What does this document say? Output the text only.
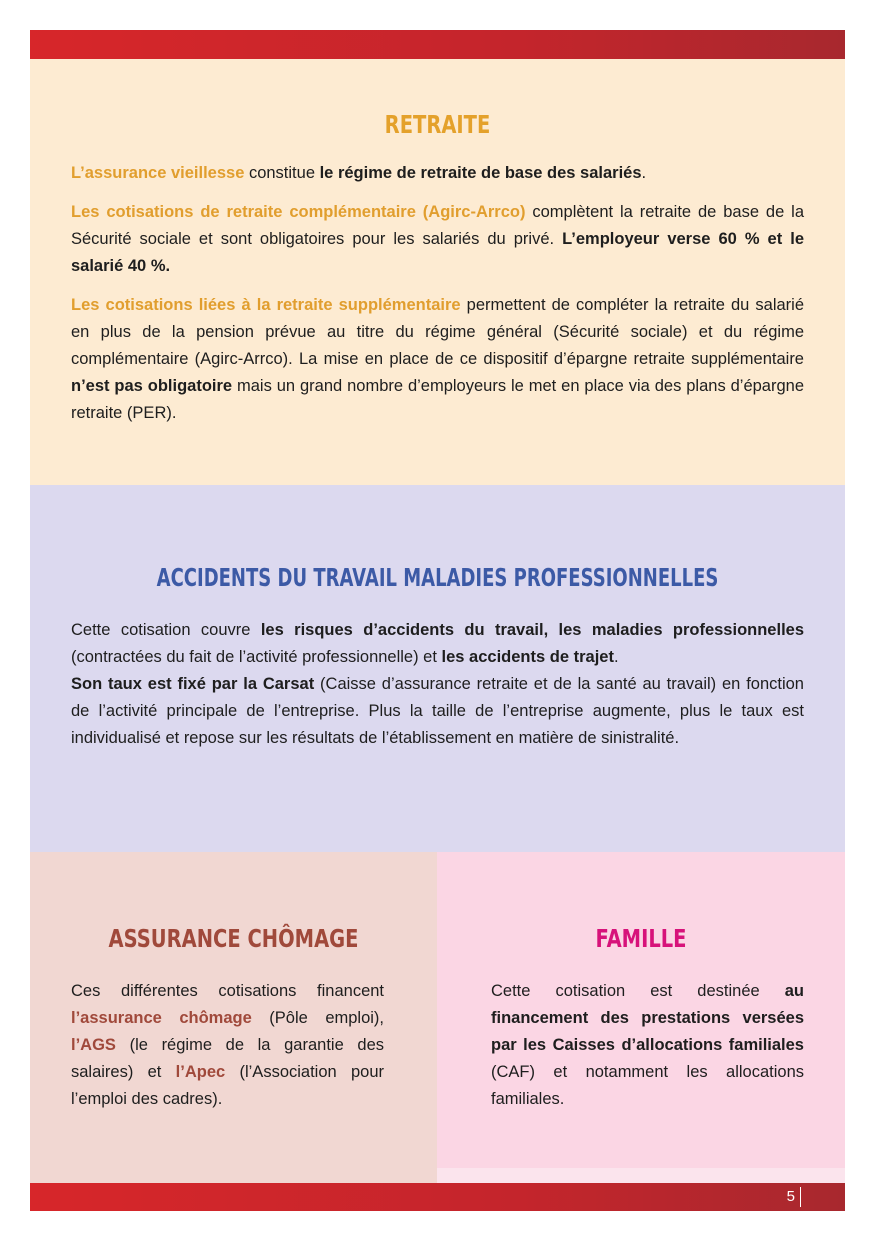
RETRAITE

L’assurance vieillesse constitue le régime de retraite de base des salariés.

Les cotisations de retraite complémentaire (Agirc-Arrco) complètent la retraite de base de la Sécurité sociale et sont obligatoires pour les salariés du privé. L’employeur verse 60 % et le salarié 40 %.

Les cotisations liées à la retraite supplémentaire permettent de compléter la retraite du salarié en plus de la pension prévue au titre du régime général (Sécurité sociale) et du régime complémentaire (Agirc-Arrco). La mise en place de ce dispositif d’épargne retraite supplémentaire n’est pas obligatoire mais un grand nombre d’employeurs le met en place via des plans d’épargne retraite (PER).

ACCIDENTS DU TRAVAIL MALADIES PROFESSIONNELLES

Cette cotisation couvre les risques d’accidents du travail, les maladies professionnelles (contractées du fait de l’activité professionnelle) et les accidents de trajet.
Son taux est fixé par la Carsat (Caisse d’assurance retraite et de la santé au travail) en fonction de l’activité principale de l’entreprise. Plus la taille de l’entreprise augmente, plus le taux est individualisé et repose sur les résultats de l’établissement en matière de sinistralité.

ASSURANCE CHÔMAGE

Ces différentes cotisations financent l’assurance chômage (Pôle emploi), l’AGS (le régime de la garantie des salaires) et l’Apec (l’Association pour l’emploi des cadres).

FAMILLE

Cette cotisation est destinée au financement des prestations versées par les Caisses d’allocations familiales (CAF) et notamment les allocations familiales.

5
